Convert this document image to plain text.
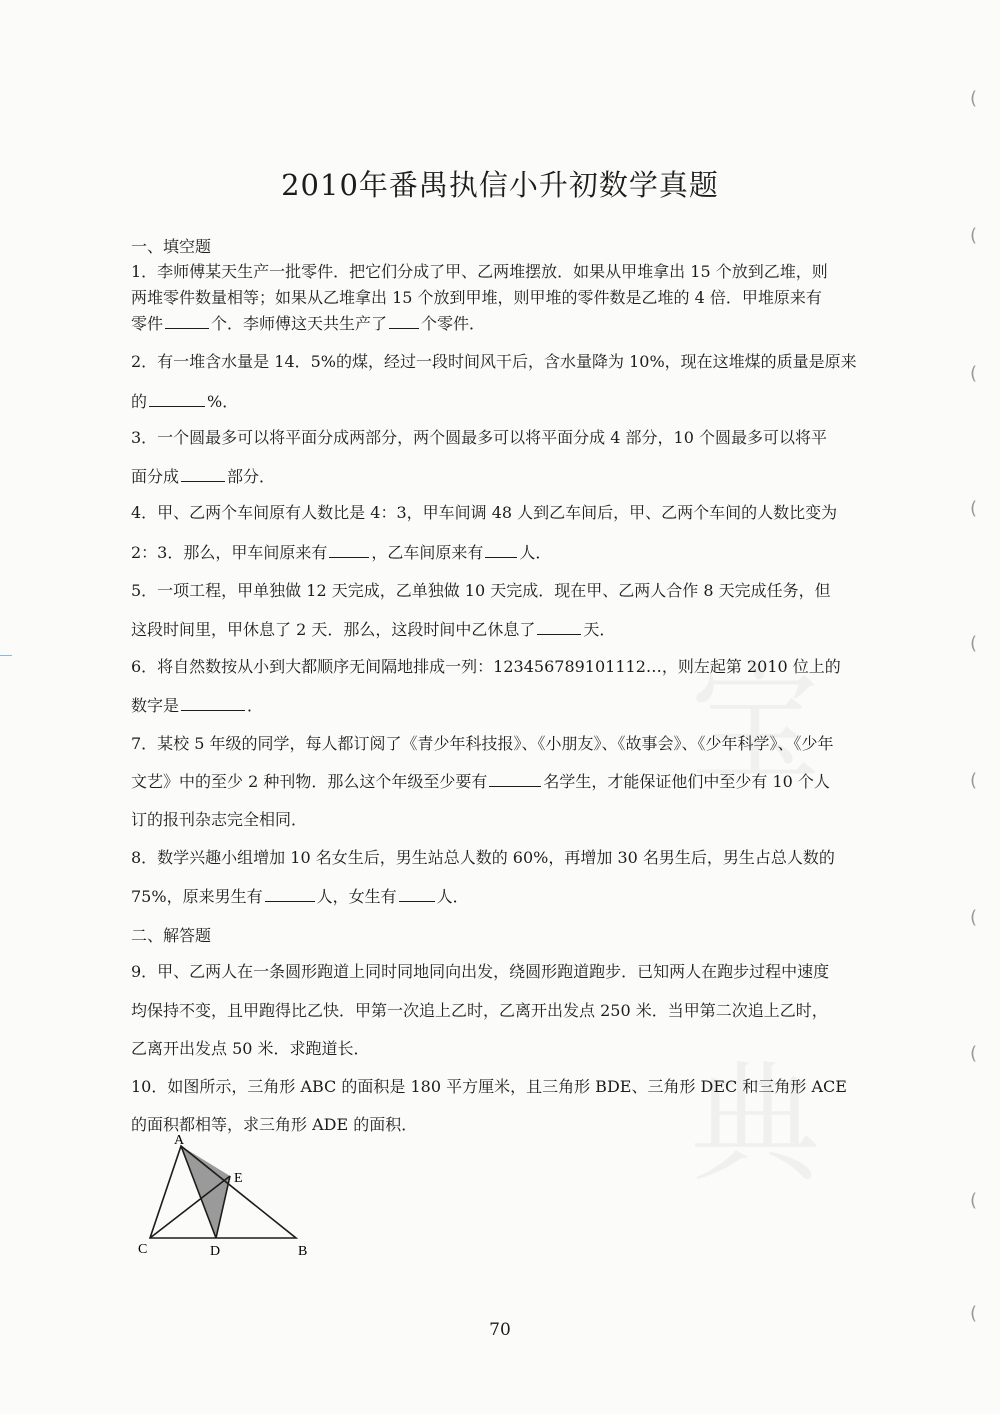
(
(
(
(
(
(
(
(
(
(
2010年番禺执信小升初数学真题
一、填空题
1．李师傅某天生产一批零件．把它们分成了甲、乙两堆摆放．如果从甲堆拿出 15 个放到乙堆，则
两堆零件数量相等；如果从乙堆拿出 15 个放到甲堆，则甲堆的零件数是乙堆的 4 倍．甲堆原来有
零件	个．李师傅这天共生产了 个零件．
2．有一堆含水量是 14．5%的煤，经过一段时间风干后，含水量降为 10%，现在这堆煤的质量是原来
的	%．
3．一个圆最多可以将平面分成两部分，两个圆最多可以将平面分成 4 部分，10 个圆最多可以将平
面分成	部分．
4．甲、乙两个车间原有人数比是 4：3，甲车间调 48 人到乙车间后，甲、乙两个车间的人数比变为
2：3．那么，甲车间原来有	，乙车间原来有 人．
5．一项工程，甲单独做 12 天完成，乙单独做 10 天完成．现在甲、乙两人合作 8 天完成任务，但
这段时间里，甲休息了 2 天．那么，这段时间中乙休息了	天．
6．将自然数按从小到大都顺序无间隔地排成一列：123456789101112…，则左起第 2010 位上的
数字是	．
7．某校 5 年级的同学，每人都订阅了《青少年科技报》、《小朋友》、《故事会》、《少年科学》、《少年
文艺》中的至少 2 种刊物．那么这个年级至少要有	名学生，才能保证他们中至少有 10 个人
订的报刊杂志完全相同．
8．数学兴趣小组增加 10 名女生后，男生站总人数的 60%，再增加 30 名男生后，男生占总人数的
75%，原来男生有	人，女生有	人．
二、解答题
9．甲、乙两人在一条圆形跑道上同时同地同向出发，绕圆形跑道跑步．已知两人在跑步过程中速度
均保持不变，且甲跑得比乙快．甲第一次追上乙时，乙离开出发点 250 米．当甲第二次追上乙时，
乙离开出发点 50 米．求跑道长．
10．如图所示，三角形 ABC 的面积是 180 平方厘米，且三角形 BDE、三角形 DEC 和三角形 ACE
的面积都相等，求三角形 ADE 的面积．
A
E
C	D	B
70
